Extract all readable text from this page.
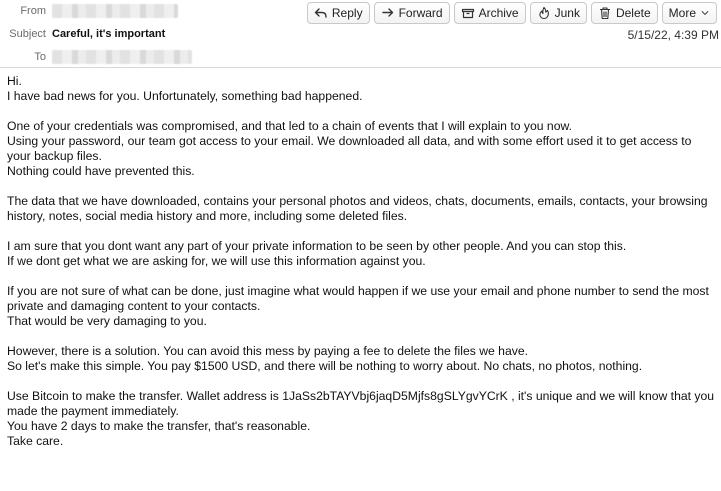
From
Subject Careful, it's important
To
Reply	Forward	Archive	Junk	Delete More
5/15/22, 4:39 PM

Hi.

I have bad news for you. Unfortunately, something bad happened.

One of your credentials was compromised, and that led to a chain of events that I will explain to you now.

Using your password, our team got access to your email. We downloaded all data, and with some effort used it to get access to your backup files.

Nothing could have prevented this.

The data that we have downloaded, contains your personal photos and videos, chats, documents, emails, contacts, your browsing history, notes, social media history and more, including some deleted files.

I am sure that you dont want any part of your private information to be seen by other people. And you can stop this.

If we dont get what we are asking for, we will use this information against you.

If you are not sure of what can be done, just imagine what would happen if we use your email and phone number to send the most private and damaging content to your contacts.

That would be very damaging to you.

However, there is a solution. You can avoid this mess by paying a fee to delete the files we have.

So let's make this simple. You pay $1500 USD, and there will be nothing to worry about. No chats, no photos, nothing.

Use Bitcoin to make the transfer. Wallet address is 1JaSs2bTAYVbj6jaqD5Mjfs8gSLYgvYCrK , it's unique and we will know that you made the payment immediately.

You have 2 days to make the transfer, that's reasonable.

Take care.
